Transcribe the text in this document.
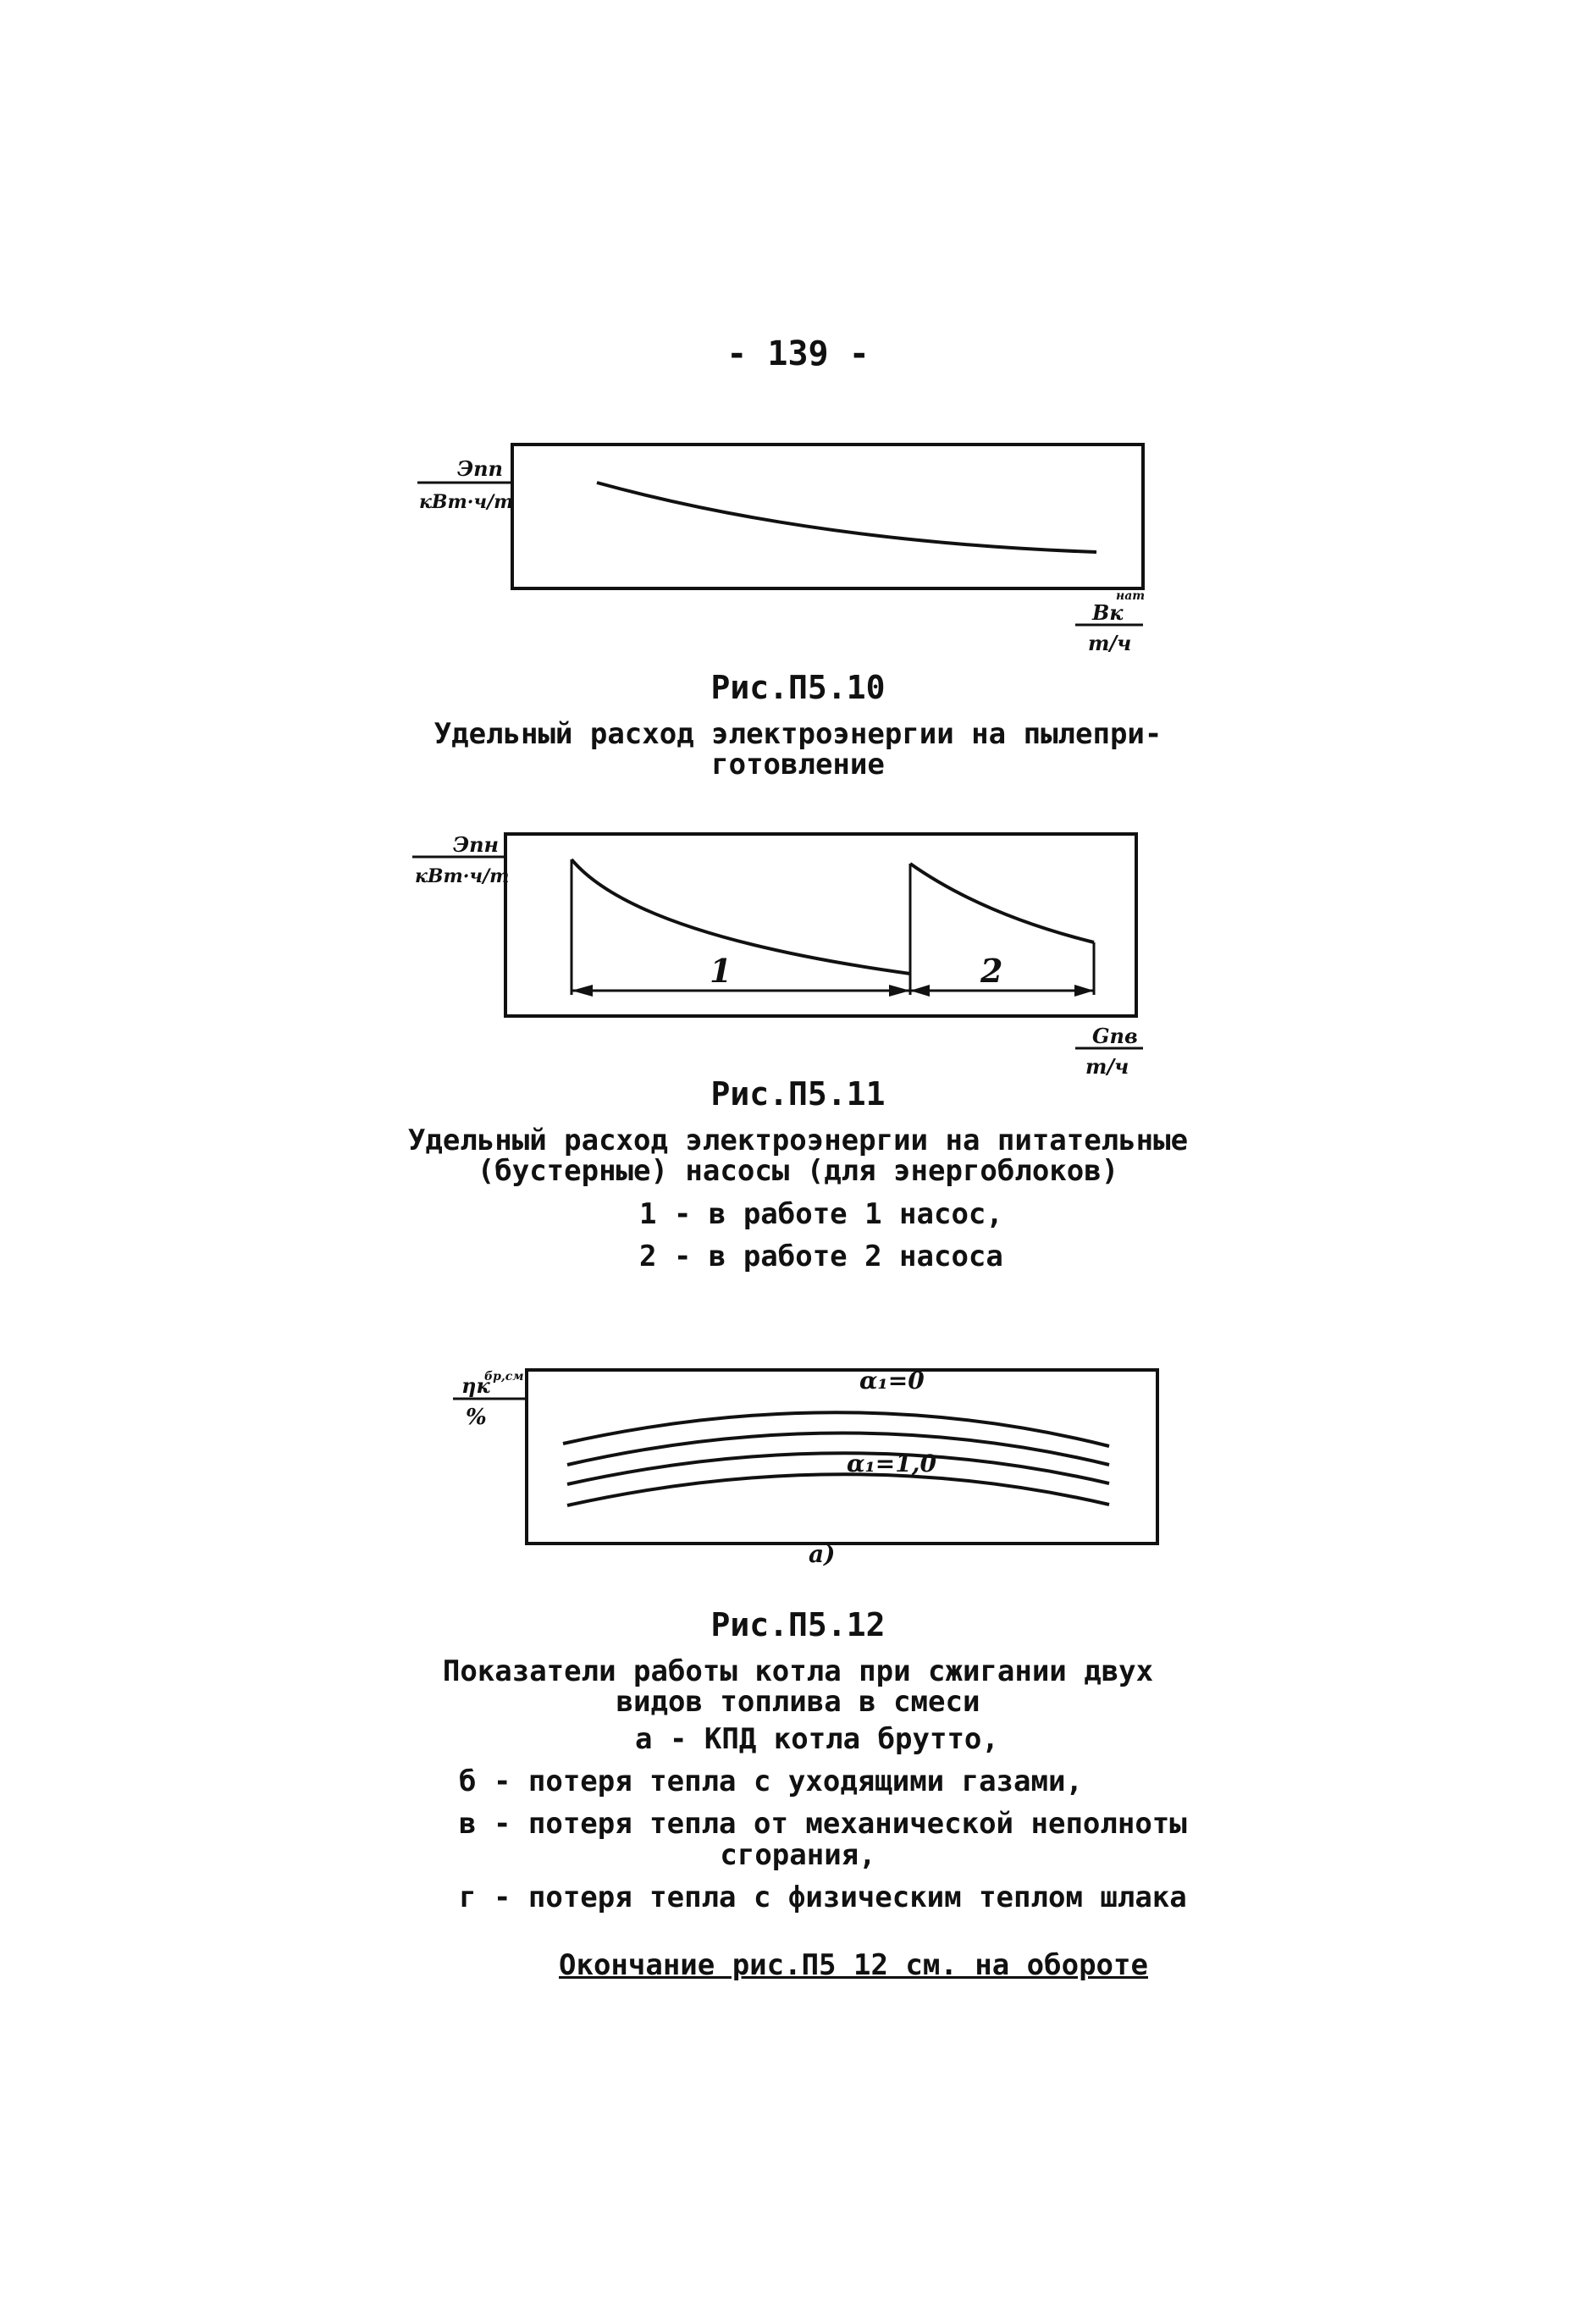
- 139 -
Эпп
кВт·ч/т
Bк
нат
т/ч
Рис.П5.10
Удельный расход электроэнергии на пылепри-
готовление
Эпн
кВт·ч/т
1	2
Gпв
т/ч
Рис.П5.11
Удельный расход электроэнергии на питательные
(бустерные) насосы (для энергоблоков)
1 - в работе 1 насос,
2 - в работе 2 насоса
ηк
бр,см
%
α₁=0
α₁=1,0
а)
Рис.П5.12
Показатели работы котла при сжигании двух
видов топлива в смеси
а - КПД котла брутто,
б - потеря тепла с уходящими газами,
в - потеря тепла от механической неполноты
сгорания,
г - потеря тепла с физическим теплом шлака
Окончание рис.П5 12 см. на обороте
